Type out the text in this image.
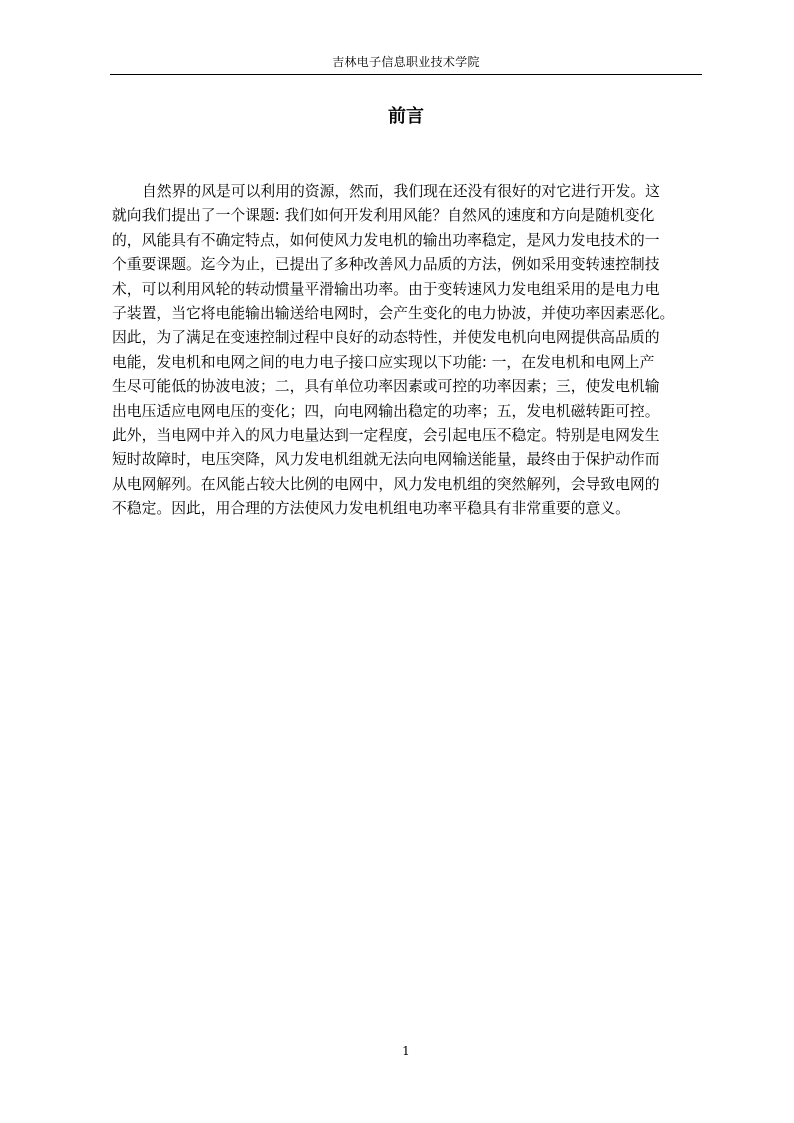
吉林电子信息职业技术学院
前言
自然界的风是可以利用的资源，然而，我们现在还没有很好的对它进行开发。这
就向我们提出了一个课题: 我们如何开发利用风能？自然风的速度和方向是随机变化
的，风能具有不确定特点，如何使风力发电机的输出功率稳定，是风力发电技术的一
个重要课题。迄今为止，已提出了多种改善风力品质的方法，例如采用变转速控制技
术，可以利用风轮的转动惯量平滑输出功率。由于变转速风力发电组采用的是电力电
子装置，当它将电能输出输送给电网时，会产生变化的电力协波，并使功率因素恶化。
因此，为了满足在变速控制过程中良好的动态特性，并使发电机向电网提供高品质的
电能，发电机和电网之间的电力电子接口应实现以下功能: 一，在发电机和电网上产
生尽可能低的协波电波；二，具有单位功率因素或可控的功率因素；三，使发电机输
出电压适应电网电压的变化；四，向电网输出稳定的功率；五，发电机磁转距可控。
此外，当电网中并入的风力电量达到一定程度，会引起电压不稳定。特别是电网发生
短时故障时，电压突降，风力发电机组就无法向电网输送能量，最终由于保护动作而
从电网解列。在风能占较大比例的电网中，风力发电机组的突然解列，会导致电网的
不稳定。因此，用合理的方法使风力发电机组电功率平稳具有非常重要的意义。
1
